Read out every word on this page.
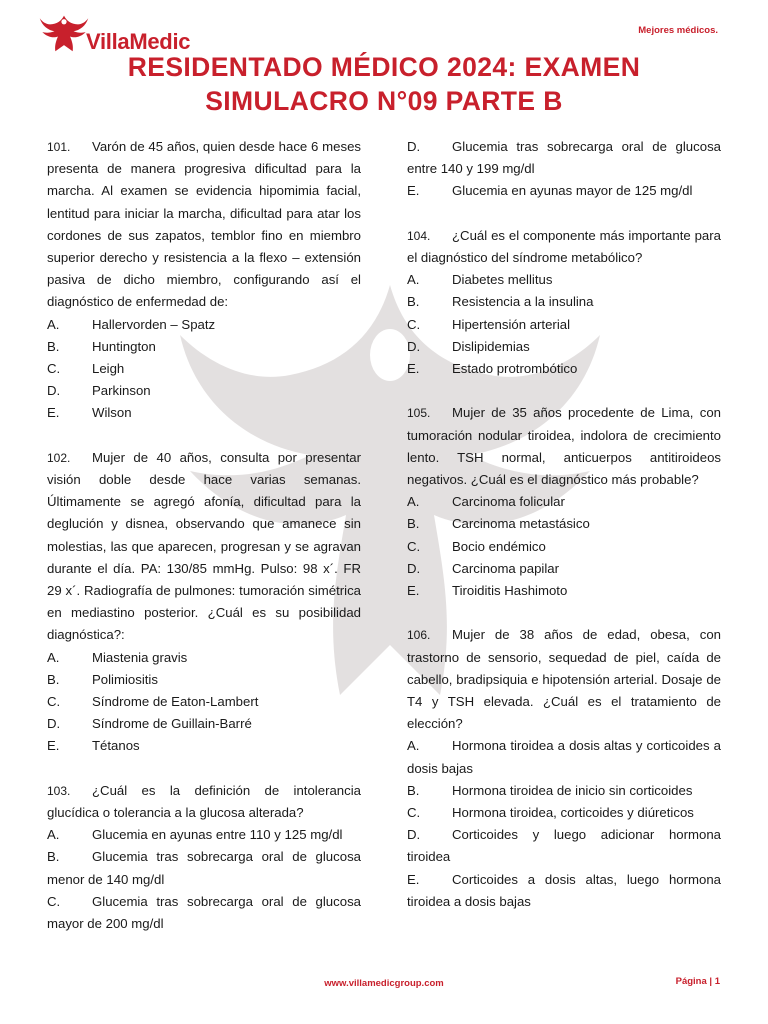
VillaMedic	Mejores médicos.
RESIDENTADO MÉDICO 2024: EXAMEN
SIMULACRO N°09 PARTE B
101. Varón de 45 años, quien desde hace 6 meses presenta de manera progresiva dificultad para la marcha. Al examen se evidencia hipomimia facial, lentitud para iniciar la marcha, dificultad para atar los cordones de sus zapatos, temblor fino en miembro superior derecho y resistencia a la flexo – extensión pasiva de dicho miembro, configurando así el diagnóstico de enfermedad de:
A. Hallervorden – Spatz
B. Huntington
C. Leigh
D. Parkinson
E. Wilson
102. Mujer de 40 años, consulta por presentar visión doble desde hace varias semanas. Últimamente se agregó afonía, dificultad para la deglución y disnea, observando que amanece sin molestias, las que aparecen, progresan y se agravan durante el día. PA: 130/85 mmHg. Pulso: 98 x´. FR 29 x´. Radiografía de pulmones: tumoración simétrica en mediastino posterior. ¿Cuál es su posibilidad diagnóstica?:
A. Miastenia gravis
B. Polimiositis
C. Síndrome de Eaton-Lambert
D. Síndrome de Guillain-Barré
E. Tétanos
103. ¿Cuál es la definición de intolerancia glucídica o tolerancia a la glucosa alterada?
A. Glucemia en ayunas entre 110 y 125 mg/dl
B. Glucemia tras sobrecarga oral de glucosa menor de 140 mg/dl
C. Glucemia tras sobrecarga oral de glucosa mayor de 200 mg/dl
D. Glucemia tras sobrecarga oral de glucosa entre 140 y 199 mg/dl
E. Glucemia en ayunas mayor de 125 mg/dl
104. ¿Cuál es el componente más importante para el diagnóstico del síndrome metabólico?
A. Diabetes mellitus
B. Resistencia a la insulina
C. Hipertensión arterial
D. Dislipidemias
E. Estado protrombótico
105. Mujer de 35 años procedente de Lima, con tumoración nodular tiroidea, indolora de crecimiento lento. TSH normal, anticuerpos antitiroideos negativos. ¿Cuál es el diagnóstico más probable?
A. Carcinoma folicular
B. Carcinoma metastásico
C. Bocio endémico
D. Carcinoma papilar
E. Tiroiditis Hashimoto
106. Mujer de 38 años de edad, obesa, con trastorno de sensorio, sequedad de piel, caída de cabello, bradipsiquia e hipotensión arterial. Dosaje de T4 y TSH elevada. ¿Cuál es el tratamiento de elección?
A. Hormona tiroidea a dosis altas y corticoides a dosis bajas
B. Hormona tiroidea de inicio sin corticoides
C. Hormona tiroidea, corticoides y diúreticos
D. Corticoides y luego adicionar hormona tiroidea
E. Corticoides a dosis altas, luego hormona tiroidea a dosis bajas
www.villamedicgroup.com	Página | 1
